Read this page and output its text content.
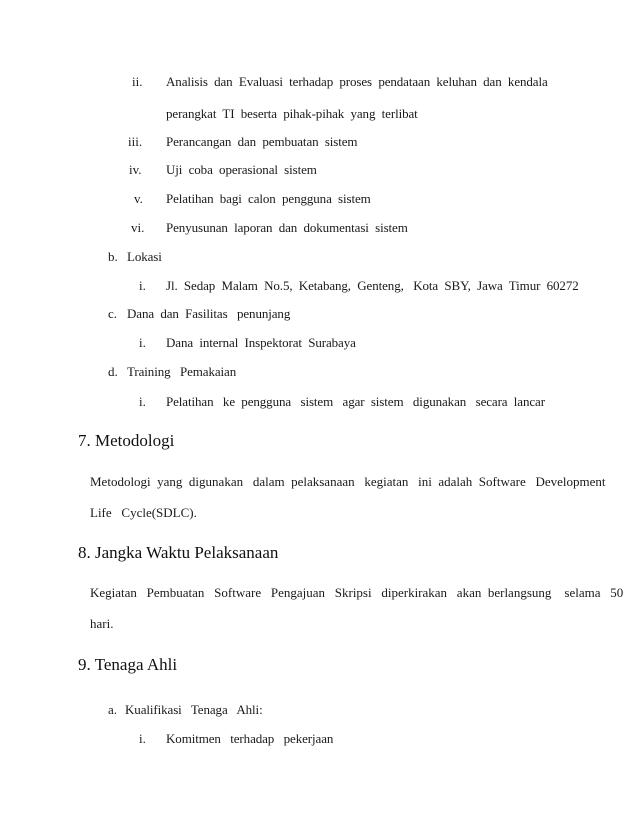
ii. Analisis  dan  Evaluasi  terhadap  proses  pendataan  keluhan  dan  kendala
perangkat  TI  beserta  pihak-pihak  yang  terlibat
iii. Perancangan  dan  pembuatan  sistem
iv. Uji  coba  operasional  sistem
v. Pelatihan  bagi  calon  pengguna  sistem
vi. Penyusunan  laporan  dan  dokumentasi  sistem
b. Lokasi
i. Jl.  Sedap  Malam  No.5,  Ketabang,  Genteng,   Kota  SBY,  Jawa  Timur  60272
c. Dana  dan  Fasilitas   penunjang
i. Dana  internal  Inspektorat  Surabaya
d. Training   Pemakaian
i. Pelatihan   ke  pengguna   sistem   agar  sistem   digunakan   secara  lancar
7. Metodologi
Metodologi  yang  digunakan   dalam  pelaksanaan   kegiatan   ini  adalah  Software   Development
Life   Cycle(SDLC).
8. Jangka Waktu Pelaksanaan
Kegiatan   Pembuatan   Software   Pengajuan   Skripsi   diperkirakan   akan  berlangsung    selama   50
hari.
9. Tenaga Ahli
a. Kualifikasi   Tenaga   Ahli:
i. Komitmen   terhadap   pekerjaan
